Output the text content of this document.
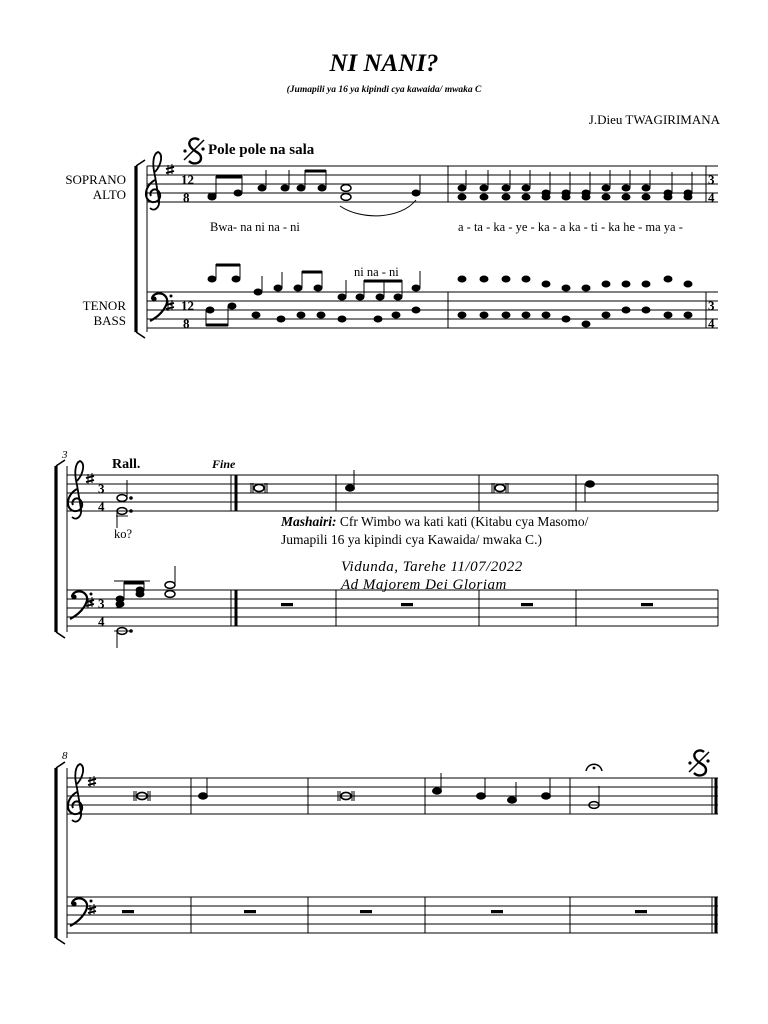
NI NANI?
(Jumapili ya 16 ya kipindi cya kawaida/ mwaka C
J.Dieu TWAGIRIMANA
Pole pole na sala
SOPRANO
ALTO
TENOR
BASS
Bwa- na ni na - ni	a - ta - ka - ye - ka - a ka - ti - ka he - ma ya -
ni na - ni
3
Rall.	Fine
ko?
Mashairi: Cfr Wimbo wa kati kati (Kitabu cya Masomo/
Jumapili 16 ya kipindi cya Kawaida/ mwaka C.)
Vidunda, Tarehe 11/07/2022
Ad Majorem Dei Gloriam
8
12
8
12
8
3
4
3
4
3
4
3
4
